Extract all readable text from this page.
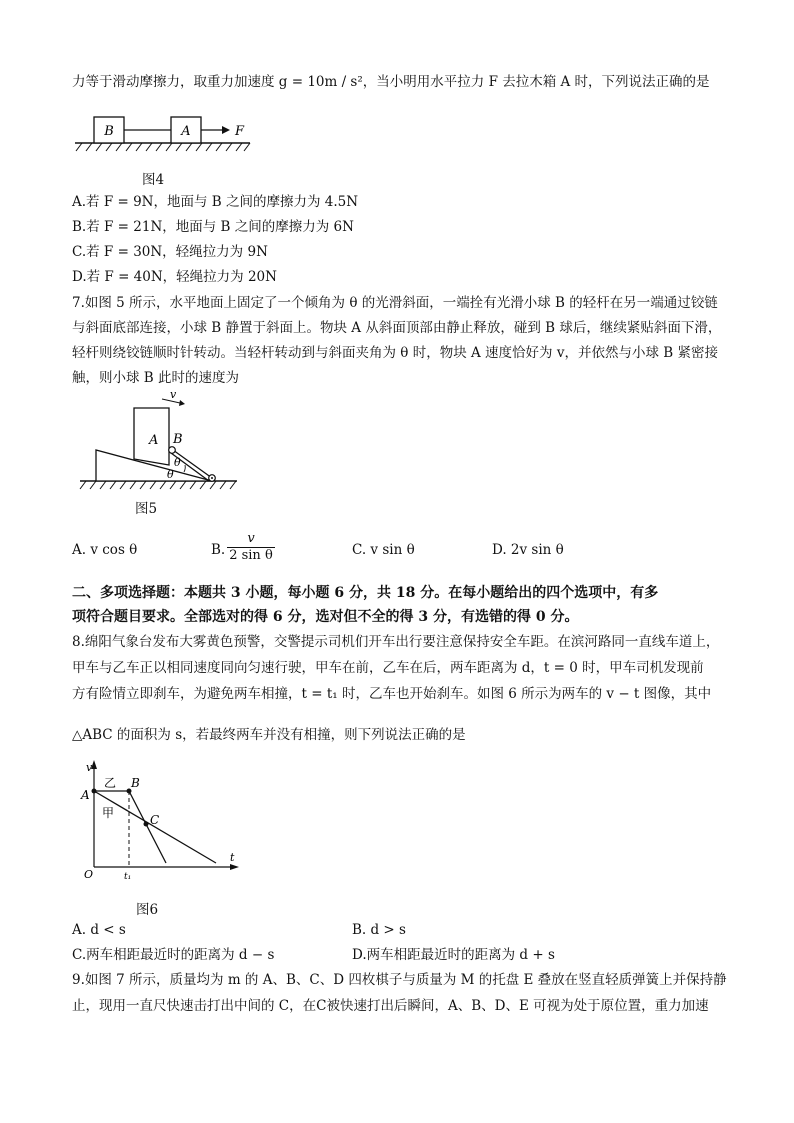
力等于滑动摩擦力，取重力加速度 g = 10m / s²，当小明用水平拉力 F 去拉木箱 A 时，下列说法正确的是

B	A	F
图4
A.若 F = 9N，地面与 B 之间的摩擦力为 4.5N
B.若 F = 21N，地面与 B 之间的摩擦力为 6N
C.若 F = 30N，轻绳拉力为 9N
D.若 F = 40N，轻绳拉力为 20N
7.如图 5 所示，水平地面上固定了一个倾角为 θ 的光滑斜面，一端拴有光滑小球 B 的轻杆在另一端通过铰链
与斜面底部连接，小球 B 静置于斜面上。物块 A 从斜面顶部由静止释放，碰到 B 球后，继续紧贴斜面下滑，
轻杆则绕铰链顺时针转动。当轻杆转动到与斜面夹角为 θ 时，物块 A 速度恰好为 v，并依然与小球 B 紧密接
触，则小球 B 此时的速度为
v
A B
θ
θ
图5
A. v cos θ	B. $\frac{v}{\text{2 sin θ}}$	C. v sin θ	D. 2v sin θ
二、多项选择题：本题共 3 小题，每小题 6 分，共 18 分。在每小题给出的四个选项中，有多
项符合题目要求。全部选对的得 6 分，选对但不全的得 3 分，有选错的得 0 分。
8.绵阳气象台发布大雾黄色预警，交警提示司机们开车出行要注意保持安全车距。在滨河路同一直线车道上，
甲车与乙车正以相同速度同向匀速行驶，甲车在前，乙车在后，两车距离为 d，t = 0 时，甲车司机发现前
方有险情立即刹车，为避免两车相撞，t = t₁ 时，乙车也开始刹车。如图 6 所示为两车的 v − t 图像，其中
△ABC 的面积为 s，若最终两车并没有相撞，则下列说法正确的是
v
t
O
A
B
C
乙
甲
t₁
图6
A. d < s	B. d > s
C.两车相距最近时的距离为 d − s	D.两车相距最近时的距离为 d + s
9.如图 7 所示，质量均为 m 的 A、B、C、D 四枚棋子与质量为 M 的托盘 E 叠放在竖直轻质弹簧上并保持静
止，现用一直尺快速击打出中间的 C，在C被快速打出后瞬间，A、B、D、E 可视为处于原位置，重力加速
